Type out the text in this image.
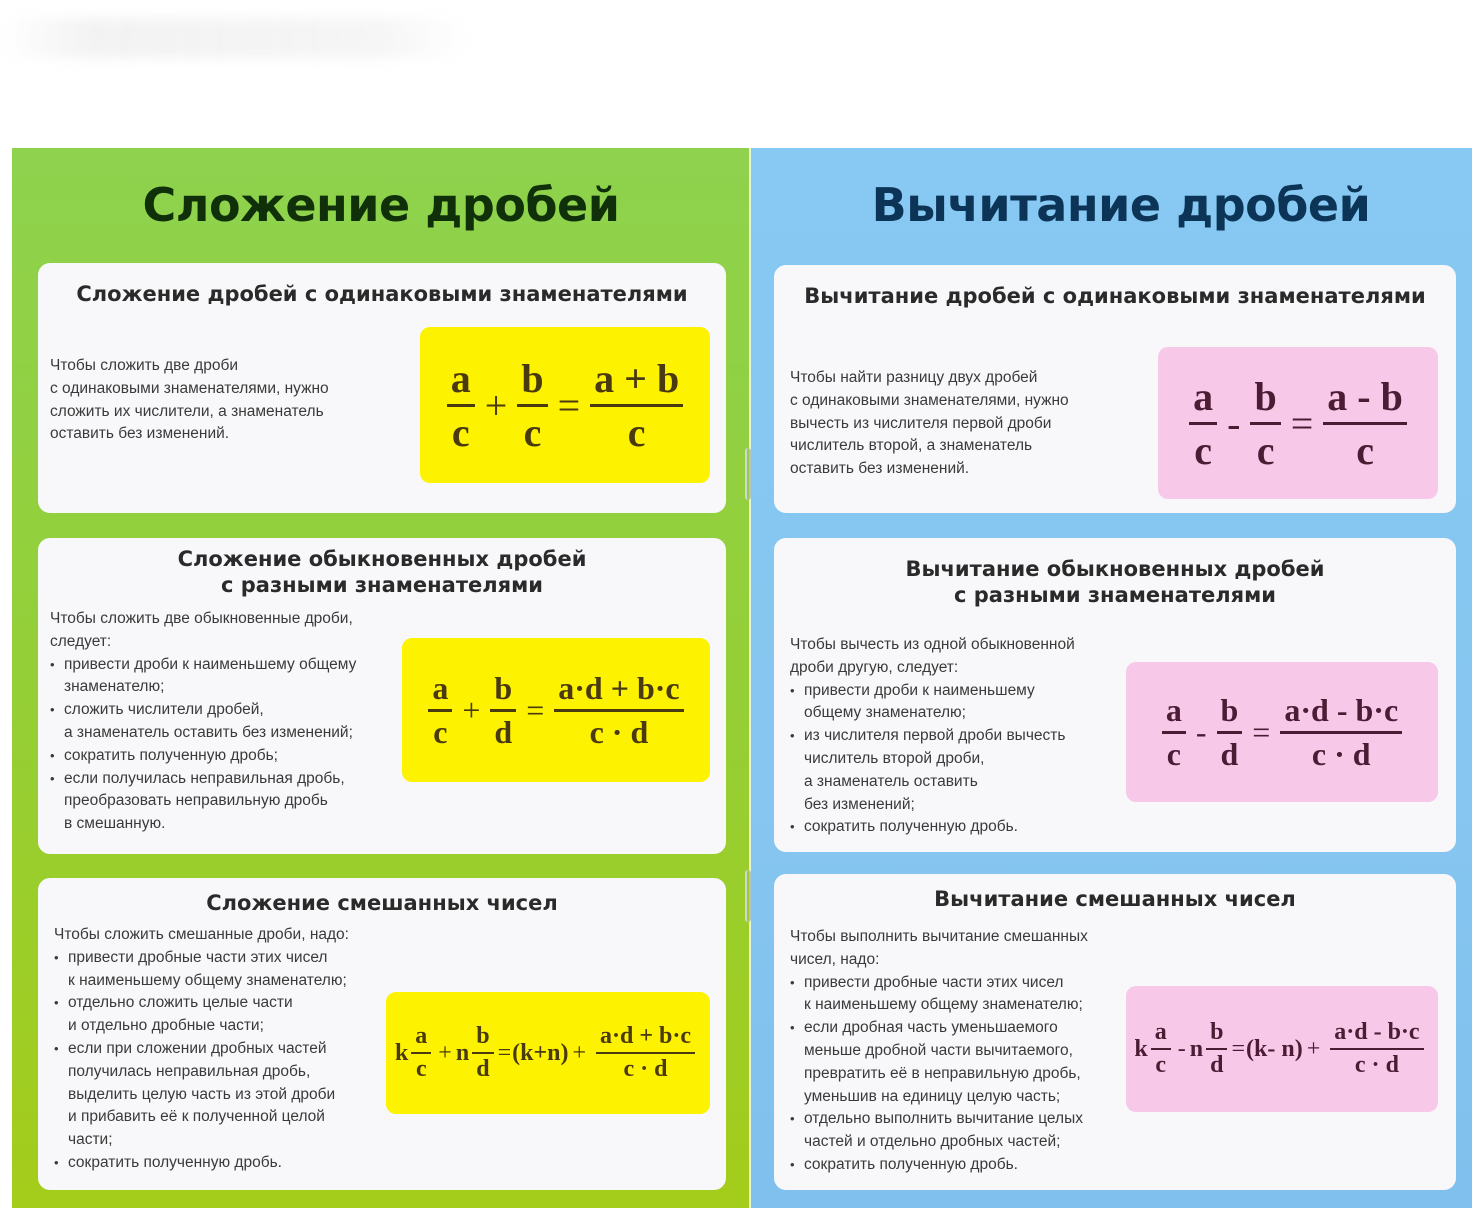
Сложение дробей
Сложение дробей с одинаковыми знаменателями
Чтобы сложить две дроби
с одинаковыми знаменателями, нужно
сложить их числители, а знаменатель
оставить без изменений.	$\frac{a}{c} + \frac{b}{c} = \frac{a + b}{c}$
Сложение обыкновенных дробей
с разными знаменателями
Чтобы сложить две обыкновенные дроби,
следует:
• привести дроби к наименьшему общему
знаменателю;
• сложить числители дробей,
а знаменатель оставить без изменений;
• сократить полученную дробь;
• если получилась неправильная дробь,
преобразовать неправильную дробь
в смешанную.
$\frac{a}{c} + \frac{b}{d} = \frac{a\cdot d + b\cdot c}{c \cdot d}$
Сложение смешанных чисел
Чтобы сложить смешанные дроби, надо:
• привести дробные части этих чисел
к наименьшему общему знаменателю;
• отдельно сложить целые части
и отдельно дробные части;
• если при сложении дробных частей
получилась неправильная дробь,
выделить целую часть из этой дроби
и прибавить её к полученной целой
части;
• сократить полученную дробь.
k $\frac{a}{c} + n \frac{b}{d} = (k+n) + \frac{a\cdot d + b\cdot c}{c \cdot d}$
Вычитание дробей
Вычитание дробей с одинаковыми знаменателями
Чтобы найти разницу двух дробей
с одинаковыми знаменателями, нужно
вычесть из числителя первой дроби
числитель второй, а знаменатель
оставить без изменений.	$\frac{a}{c} - \frac{b}{c} = \frac{a - b}{c}$
Вычитание обыкновенных дробей
с разными знаменателями
Чтобы вычесть из одной обыкновенной
дроби другую, следует:
• привести дроби к наименьшему
общему знаменателю;
• из числителя первой дроби вычесть
числитель второй дроби,
а знаменатель оставить
без изменений;
• сократить полученную дробь.
$\frac{a}{c} - \frac{b}{d} = \frac{a\cdot d - b\cdot c}{c \cdot d}$
Вычитание смешанных чисел
Чтобы выполнить вычитание смешанных
чисел, надо:
• привести дробные части этих чисел
к наименьшему общему знаменателю;
• если дробная часть уменьшаемого
меньше дробной части вычитаемого,
превратить её в неправильную дробь,
уменьшив на единицу целую часть;
• отдельно выполнить вычитание целых
частей и отдельно дробных частей;
• сократить полученную дробь.
k $\frac{a}{c} - n \frac{b}{d} = (k-$ $n) + \frac{a\cdot d - b\cdot c}{c \cdot d}$
